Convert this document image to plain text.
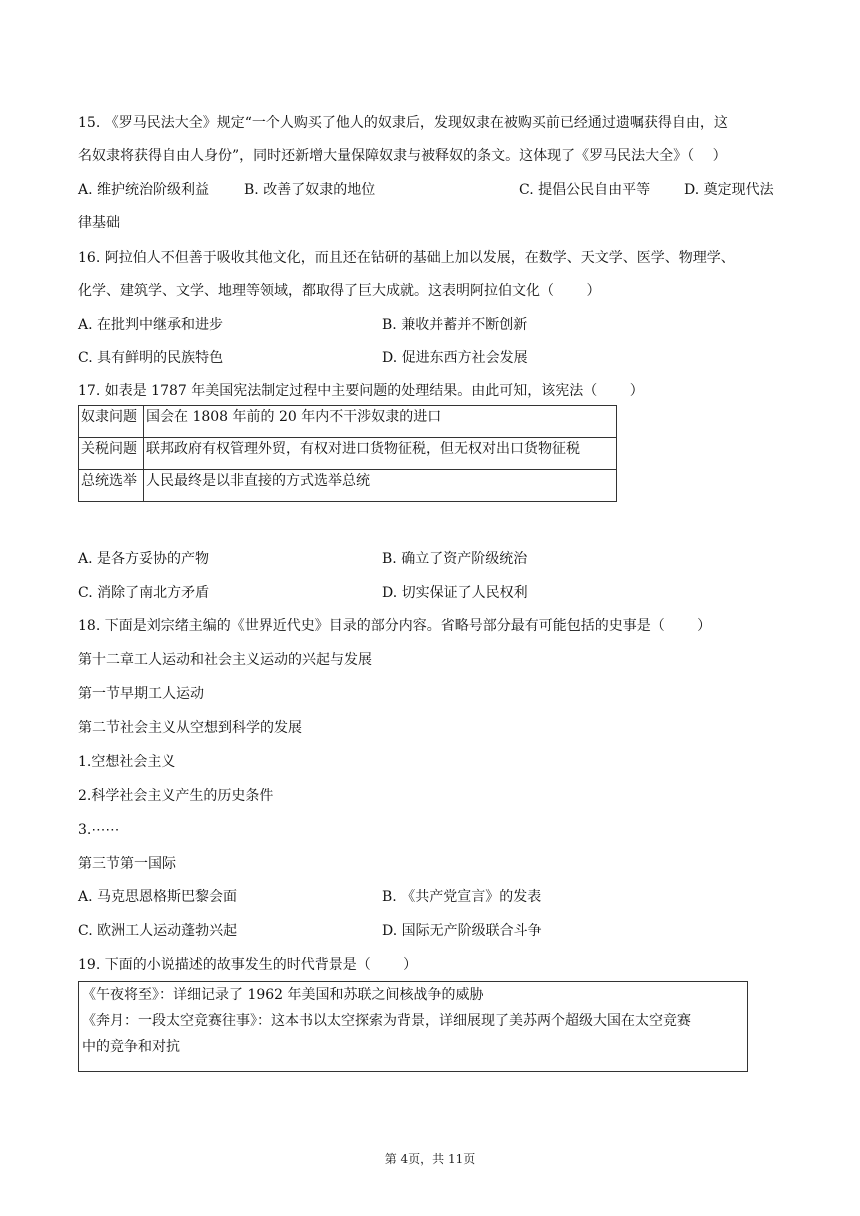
15. 《罗马民法大全》规定“一个人购买了他人的奴隶后，发现奴隶在被购买前已经通过遗嘱获得自由，这
名奴隶将获得自由人身份”，同时还新增大量保障奴隶与被释奴的条文。这体现了《罗马民法大全》（ 　）
A. 维护统治阶级利益 B. 改善了奴隶的地位	C. 提倡公民自由平等 D. 奠定现代法
律基础
16. 阿拉伯人不但善于吸收其他文化，而且还在钻研的基础上加以发展，在数学、天文学、医学、物理学、
化学、建筑学、文学、地理等领域，都取得了巨大成就。这表明阿拉伯文化（ 　　）
A. 在批判中继承和进步	B. 兼收并蓄并不断创新
C. 具有鲜明的民族特色	D. 促进东西方社会发展
17. 如表是 1787 年美国宪法制定过程中主要问题的处理结果。由此可知，该宪法（ 　　）
奴隶问题	国会在 1808 年前的 20 年内不干涉奴隶的进口
关税问题	联邦政府有权管理外贸，有权对进口货物征税，但无权对出口货物征税
总统选举	人民最终是以非直接的方式选举总统
A. 是各方妥协的产物	B. 确立了资产阶级统治
C. 消除了南北方矛盾	D. 切实保证了人民权利
18. 下面是刘宗绪主编的《世界近代史》目录的部分内容。省略号部分最有可能包括的史事是（ 　　）
第十二章工人运动和社会主义运动的兴起与发展
第一节早期工人运动
第二节社会主义从空想到科学的发展
1.空想社会主义
2.科学社会主义产生的历史条件
3.⋯⋯
第三节第一国际
A. 马克思恩格斯巴黎会面	B. 《共产党宣言》的发表
C. 欧洲工人运动蓬勃兴起	D. 国际无产阶级联合斗争
19. 下面的小说描述的故事发生的时代背景是（ 　　）
《午夜将至》：详细记录了 1962 年美国和苏联之间核战争的威胁
《奔月：一段太空竞赛往事》：这本书以太空探索为背景，详细展现了美苏两个超级大国在太空竞赛
中的竞争和对抗
第 4页，共 11页
